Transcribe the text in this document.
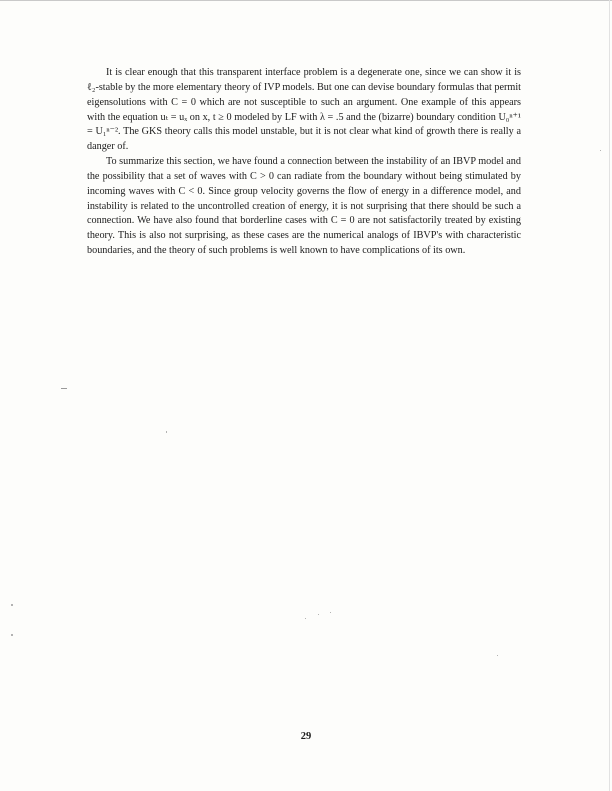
It is clear enough that this transparent interface problem is a degenerate one, since we can show it is ℓ₂-stable by the more elementary theory of IVP models. But one can devise boundary formulas that permit eigensolutions with C = 0 which are not susceptible to such an argument. One example of this appears with the equation uₜ = uₓ on x, t ≥ 0 modeled by LF with λ = .5 and the (bizarre) boundary condition U₀ⁿ⁺¹ = U₁ⁿ⁻². The GKS theory calls this model unstable, but it is not clear what kind of growth there is really a danger of.

To summarize this section, we have found a connection between the instability of an IBVP model and the possibility that a set of waves with C > 0 can radiate from the boundary without being stimulated by incoming waves with C < 0. Since group velocity governs the flow of energy in a difference model, and instability is related to the uncontrolled creation of energy, it is not surprising that there should be such a connection. We have also found that borderline cases with C = 0 are not satisfactorily treated by existing theory. This is also not surprising, as these cases are the numerical analogs of IBVP's with characteristic boundaries, and the theory of such problems is well known to have complications of its own.

29
